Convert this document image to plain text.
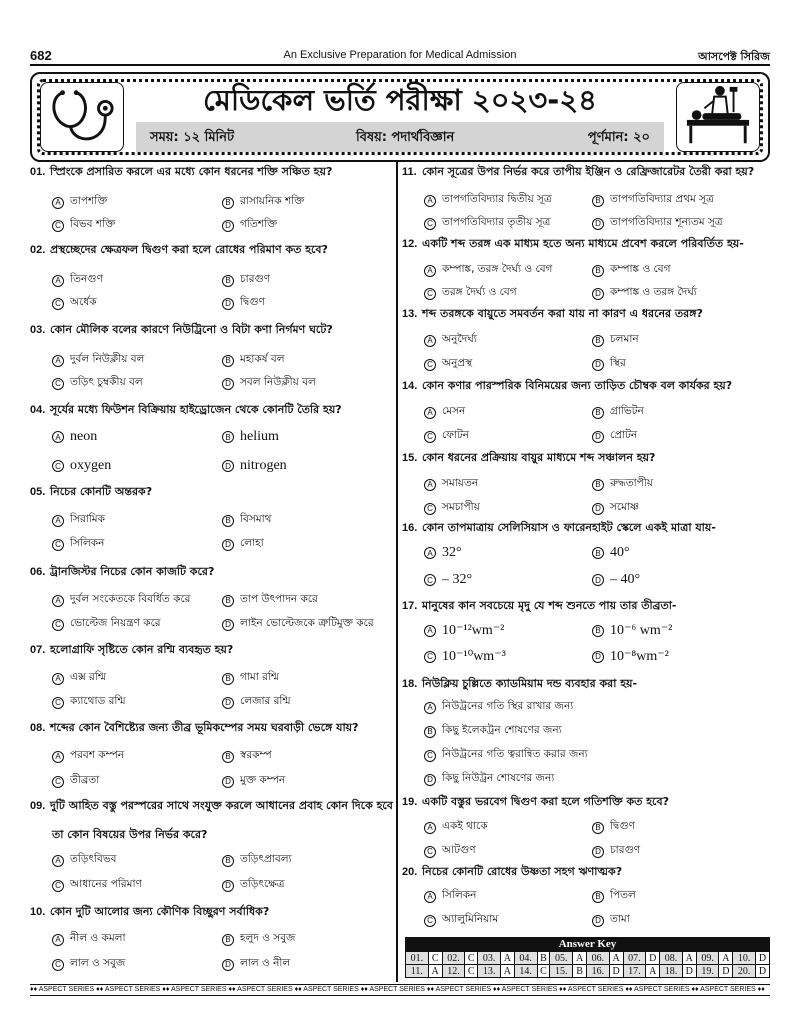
682	An Exclusive Preparation for Medical Admission	আসপেক্ট সিরিজ
মেডিকেল ভর্তি পরীক্ষা ২০২৩-২৪
সময়: ১২ মিনিট	বিষয়: পদার্থবিজ্ঞান	পূর্ণমান: ২০
01. স্প্রিংকে প্রসারিত করলে এর মধ্যে কোন ধরনের শক্তি সঞ্চিত হয়?
A তাপশক্তি	B রাসায়নিক শক্তি
C বিভব শক্তি	D গতিশক্তি
02. প্রস্থচ্ছেদের ক্ষেত্রফল দ্বিগুণ করা হলে রোধের পরিমাণ কত হবে?
A তিনগুণ	B চারগুণ
C অর্ধেক	D দ্বিগুণ
03. কোন মৌলিক বলের কারণে নিউট্রিনো ও বিটা কণা নির্গমণ ঘটে?
A দুর্বল নিউক্লীয় বল	B মহাকর্ষ বল
C তড়িৎ চুম্বকীয় বল	D সবল নিউক্লীয় বল
04. সূর্যের মধ্যে ফিউশন বিক্রিয়ায় হাইড্রোজেন থেকে কোনটি তৈরি হয়?
A neon	B helium
C oxygen	D nitrogen
05. নিচের কোনটি অন্তরক?
A সিরামিক	B বিসমাথ
C সিলিকন	D লোহা
06. ট্রানজিস্টর নিচের কোন কাজটি করে?
A দুর্বল সংকেতকে বিবর্ধিত করে	B তাপ উৎপাদন করে
C ভোল্টেজ নিয়ন্ত্রণ করে	D লাইন ভোল্টেজকে ত্রুটিমুক্ত করে
07. হলোগ্রাফি সৃষ্টিতে কোন রশ্মি ব্যবহৃত হয়?
A এক্স রশ্মি	B গামা রশ্মি
C ক্যাথোড রশ্মি	D লেজার রশ্মি
08. শব্দের কোন বৈশিষ্ট্যের জন্য তীব্র ভূমিকম্পের সময় ঘরবাড়ী ভেঙ্গে যায়?
A পরবশ কম্পন	B স্বরকম্প
C তীব্রতা	D মুক্ত কম্পন
09. দুটি আহিত বস্তু পরস্পরের সাথে সংযুক্ত করলে আধানের প্রবাহ কোন দিকে হবে
তা কোন বিষয়ের উপর নির্ভর করে?
A তড়িৎবিভব	B তড়িৎপ্রাবল্য
C আধানের পরিমাণ	D তড়িৎক্ষেত্র
10. কোন দুটি আলোর জন্য কৌণিক বিচ্ছুরণ সর্বাধিক?
A নীল ও কমলা	B হলুদ ও সবুজ
C লাল ও সবুজ	D লাল ও নীল
11. কোন সূত্রের উপর নির্ভর করে তাপীয় ইঞ্জিন ও রেফ্রিজারেটর তৈরী করা হয়?
A তাপগতিবিদ্যার দ্বিতীয় সূত্র	B তাপগতিবিদ্যার প্রথম সূত্র
C তাপগতিবিদ্যার তৃতীয় সূত্র	D তাপগতিবিদ্যার শূন্যতম সূত্র
12. একটি শব্দ তরঙ্গ এক মাধ্যম হতে অন্য মাধ্যমে প্রবেশ করলে পরিবর্তিত হয়-
A কম্পাঙ্ক, তরঙ্গ দৈর্ঘ্য ও বেগ	B কম্পাঙ্ক ও বেগ
C তরঙ্গ দৈর্ঘ্য ও বেগ	D কম্পাঙ্ক ও তরঙ্গ দৈর্ঘ্য
13. শব্দ তরঙ্গকে বায়ুতে সমবর্তন করা যায় না কারণ এ ধরনের তরঙ্গ?
A অনুদৈর্ঘ্য	B চলমান
C অনুপ্রস্থ	D স্থির
14. কোন কণার পারস্পরিক বিনিময়ের জন্য তাড়িত চৌম্বক বল কার্যকর হয়?
A মেসন	B গ্রাভিটন
C ফোটন	D প্রোটন
15. কোন ধরনের প্রক্রিয়ায় বায়ুর মাধ্যমে শব্দ সঞ্চালন হয়?
A সমায়তন	B রুদ্ধতাপীয়
C সমচাপীয়	D সমোষ্ণ
16. কোন তাপমাত্রায় সেলিসিয়াস ও ফারেনহাইট স্কেলে একই মাত্রা যায়-
A 32°	B 40°
C – 32°	D – 40°
17. মানুষের কান সবচেয়ে মৃদু যে শব্দ শুনতে পায় তার তীব্রতা-
A 10⁻¹²wm⁻²	B 10⁻⁶ wm⁻²
C 10⁻¹⁰wm⁻³	D 10⁻⁸wm⁻²
18. নিউক্লিয় চুল্লিতে ক্যাডমিয়াম দন্ড ব্যবহার করা হয়-
A নিউট্রনের গতি স্থির রাখার জন্য
B কিছু ইলেকট্রন শোষণের জন্য
C নিউট্রনের গতি ত্বরান্বিত করার জন্য
D কিছু নিউট্রন শোষণের জন্য
19. একটি বস্তুর ভরবেগ দ্বিগুণ করা হলে গতিশক্তি কত হবে?
A একই থাকে	B দ্বিগুণ
C আটগুণ	D চারগুণ
20. নিচের কোনটি রোধের উষ্ণতা সহগ ঋণাত্মক?
A সিলিকন	B পিতল
C অ্যালুমিনিয়াম	D তামা
Answer Key
01.	C	02.	C	03.	A	04.	B	05.	A	06.	A	07.	D	08.	A	09.	A	10.	D
11.	A	12.	C	13.	A	14.	C	15.	B	16.	D	17.	A	18.	D	19.	D	20.	D
♦♦ ASPECT SERIES ♦♦ ASPECT SERIES ♦♦ ASPECT SERIES ♦♦ ASPECT SERIES ♦♦ ASPECT SERIES ♦♦ ASPECT SERIES ♦♦ ASPECT SERIES ♦♦ ASPECT SERIES ♦♦ ASPECT SERIES ♦♦ ASPECT SERIES ♦♦ ASPECT SERIES ♦♦
